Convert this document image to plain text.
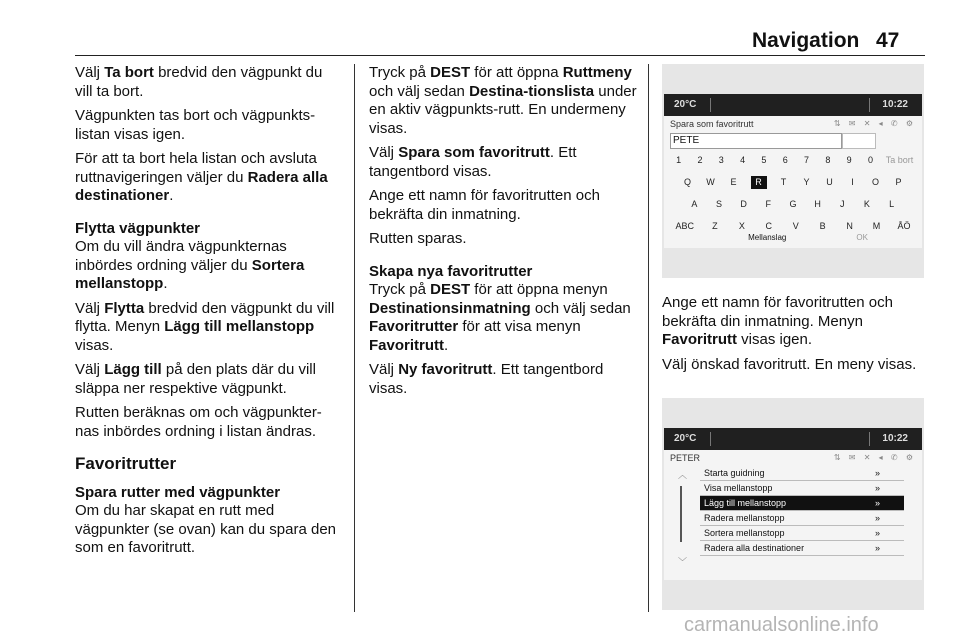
Navigation 47

Välj Ta bort bredvid den vägpunkt du vill ta bort.

Vägpunkten tas bort och vägpunkts-listan visas igen.

För att ta bort hela listan och avsluta ruttnavigeringen väljer du Radera alla destinationer.

Flytta vägpunkter

Om du vill ändra vägpunkternas inbördes ordning väljer du Sortera mellanstopp.

Välj Flytta bredvid den vägpunkt du vill flytta. Menyn Lägg till mellanstopp visas.

Välj Lägg till på den plats där du vill släppa ner respektive vägpunkt.

Rutten beräknas om och vägpunkter-nas inbördes ordning i listan ändras.

Favoritrutter

Spara rutter med vägpunkter

Om du har skapat en rutt med vägpunkter (se ovan) kan du spara den som en favoritrutt.

Tryck på DEST för att öppna Ruttmeny och välj sedan Destina-tionslista under en aktiv vägpunkts-rutt. En undermeny visas.

Välj Spara som favoritrutt. Ett tangentbord visas.

Ange ett namn för favoritrutten och bekräfta din inmatning.

Rutten sparas.

Skapa nya favoritrutter

Tryck på DEST för att öppna menyn Destinationsinmatning och välj sedan Favoritrutter för att visa menyn Favoritrutt.

Välj Ny favoritrutt. Ett tangentbord visas.

20°C	10:22
Spara som favoritrutt	⇅ ✉ ✕ ◂ ✆ ⚙
PETE
1	2	3	4	5	6	7	8	9	0	Ta bort
Q W	E	R	T	Y	U	I	O	P
A	S	D	F	G	H	J	K	L
ABC	Z	X	C	V	B	N	M ÅÖ
Mellanslag	OK

Ange ett namn för favoritrutten och bekräfta din inmatning. Menyn Favoritrutt visas igen.

Välj önskad favoritrutt. En meny visas.

20°C	10:22
PETER	⇅ ✉ ✕ ◂ ✆ ⚙
︿
﹀
Starta guidning	»
Visa mellanstopp	»
Lägg till mellanstopp	»
Radera mellanstopp	»
Sortera mellanstopp	»
Radera alla destinationer	»
carmanualsonline.info
